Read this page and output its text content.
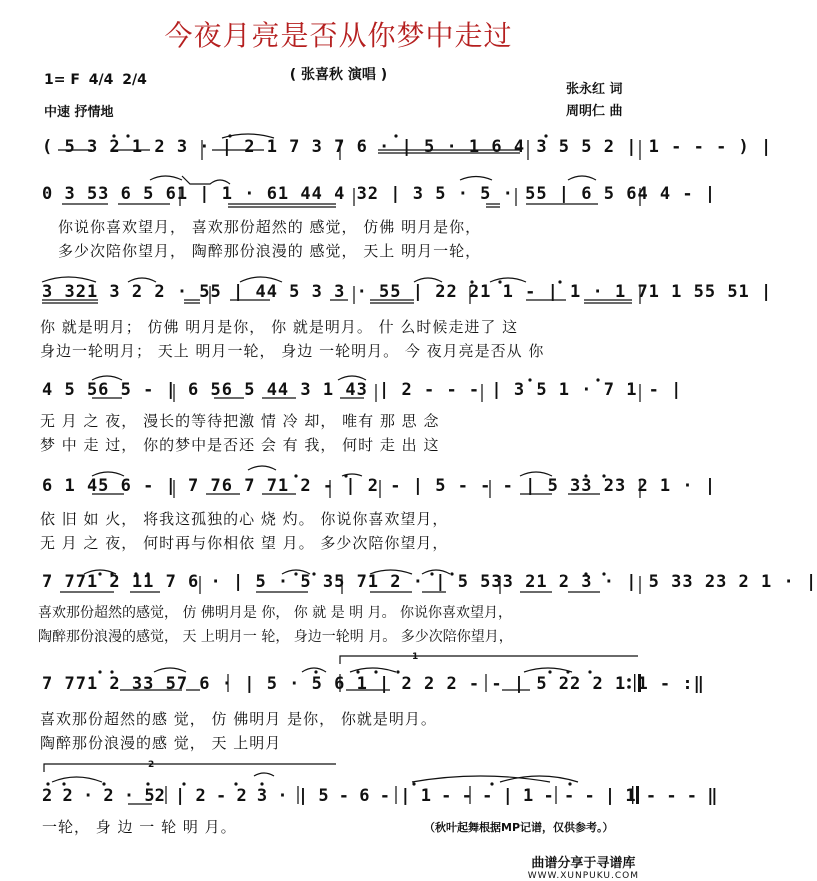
今夜月亮是否从你梦中走过
( 张喜秋 演唱 )
1= F 4/4 2/4
中速 抒情地
张永红 词
周明仁 曲
( 5 3 2 1 2 3 · | 2 1 7 3 7 6 · | 5 · 1 6 4 3 5 5 2 | 1 - - - ) |
0 3 53 6 5 61 | 1 · 61 44 4 32 | 3 5 · 5 · 55 | 6 5 64 4 - |
你说你喜欢望月， 喜欢那份超然的 感觉， 仿佛 明月是你，
多少次陪你望月， 陶醉那份浪漫的 感觉， 天上 明月一轮，
3 321 3 2 2 · 55 | 44 5 3 3 · 55 | 22 21 1 - | 1 · 1 71 1 55 51 |
你 就是明月； 仿佛 明月是你， 你 就是明月。 什 么时候走进了 这
身边一轮明月； 天上 明月一轮， 身边 一轮明月。 今 夜月亮是否从 你
4 5 56 5 - | 6 56 5 44 3 1 43 | 2 - - - | 3 5 1 · 7 1 - |
无 月 之 夜， 漫长的等待把激 情 冷 却， 唯有 那 思 念
梦 中 走 过， 你的梦中是否还 会 有 我， 何时 走 出 这
6 1 45 6 - | 7 76 7 71 2 - | 2 - | 5 - - - | 5 33 23 2 1 · |
依 旧 如 火， 将我这孤独的心 烧 灼。 你说你喜欢望月，
无 月 之 夜， 何时再与你相依 望 月。 多少次陪你望月，
7 771 2 11 7 6 · | 5 · 5 35 71 2 · | 5 533 21 2 3 · | 5 33 23 2 1 · |
喜欢那份超然的感觉， 仿 佛明月是 你， 你 就 是 明 月。 你说你喜欢望月，
陶醉那份浪漫的感觉， 天 上明月一 轮， 身边一轮明 月。 多少次陪你望月，
1
7 771 2 33 57 6 · | 5 · 5 6 1 | 2 2 2 - - | 5 22 2 1 1 - :‖
喜欢那份超然的感 觉， 仿 佛明月 是你， 你就是明月。
陶醉那份浪漫的感 觉， 天 上明月
2
2 2 · 2 · 52 | 2 - 2 3 · | 5 - 6 - | 1 - - - | 1 - - - | 1 - - - ‖
一轮， 身 边 一 轮 明 月。	（秋叶起舞根据MP记谱，仅供参考。）
曲谱分享于寻谱库
WWW.XUNPUKU.COM
